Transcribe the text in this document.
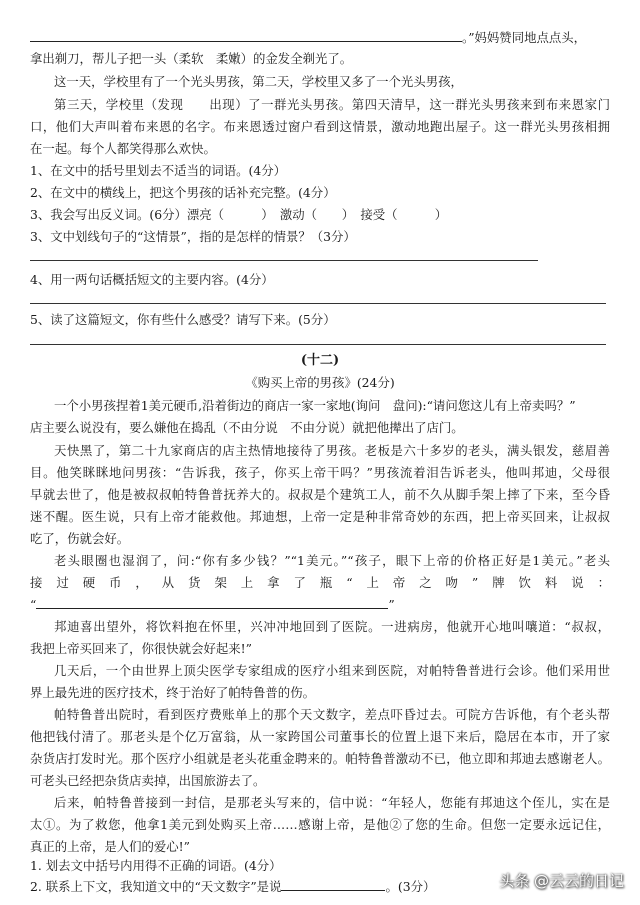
。”妈妈赞同地点点头，
拿出剃刀，帮儿子把一头（柔软　柔嫩）的金发全剃光了。
这一天，学校里有了一个光头男孩，第二天，学校里又多了一个光头男孩，
第三天，学校里（发现　　出现）了一群光头男孩。第四天清早，这一群光头男孩来到布来恩家门
口，他们大声叫着布来恩的名字。布来恩透过窗户看到这情景，激动地跑出屋子。这一群光头男孩相拥
在一起。每个人都笑得那么欢快。
1、在文中的括号里划去不适当的词语。(4分）
2、在文中的横线上，把这个男孩的话补充完整。(4分）
3、我会写出反义词。(6分）漂亮（　　　）　激动（　　）　接受（　　　）
3、文中划线句子的“这情景”，指的是怎样的情景？（3分）
4、用一两句话概括短文的主要内容。(4分）
5、读了这篇短文，你有些什么感受？请写下来。(5分）
(十二)
《购买上帝的男孩》(24分)
一个小男孩捏着1美元硬币,沿着街边的商店一家一家地(询问　盘问):“请问您这儿有上帝卖吗？”
店主要么说没有，要么嫌他在捣乱（不由分说　不由分说）就把他撵出了店门。
天快黑了，第二十九家商店的店主热情地接待了男孩。老板是六十多岁的老头，满头银发，慈眉善
目。他笑眯眯地问男孩：“告诉我，孩子，你买上帝干吗？”男孩流着泪告诉老头，他叫邦迪，父母很
早就去世了，他是被叔叔帕特鲁普抚养大的。叔叔是个建筑工人，前不久从脚手架上摔了下来，至今昏
迷不醒。医生说，只有上帝才能救他。邦迪想，上帝一定是种非常奇妙的东西，把上帝买回来，让叔叔
吃了，伤就会好。
老头眼圈也湿润了，问:“你有多少钱？”“1美元。”“孩子，眼下上帝的价格正好是1美元。”老头
接过硬币，从货架上拿了瓶“上帝之吻”牌饮料说：
“	”
邦迪喜出望外，将饮料抱在怀里，兴冲冲地回到了医院。一进病房，他就开心地叫嚷道：“叔叔，
我把上帝买回来了，你很快就会好起来!”
几天后，一个由世界上顶尖医学专家组成的医疗小组来到医院，对帕特鲁普进行会诊。他们采用世
界上最先进的医疗技术，终于治好了帕特鲁普的伤。
帕特鲁普出院时，看到医疗费账单上的那个天文数字，差点吓昏过去。可院方告诉他，有个老头帮
他把钱付清了。那老头是个亿万富翁，从一家跨国公司董事长的位置上退下来后，隐居在本市，开了家
杂货店打发时光。那个医疗小组就是老头花重金聘来的。帕特鲁普激动不已，他立即和邦迪去感谢老人。
可老头已经把杂货店卖掉，出国旅游去了。
后来，帕特鲁普接到一封信，是那老头写来的，信中说：“年轻人，您能有邦迪这个侄儿，实在是
太①。为了救您，他拿1美元到处购买上帝……感谢上帝，是他②了您的生命。但您一定要永远记住，
真正的上帝，是人们的爱心!”
1. 划去文中括号内用得不正确的词语。(4分）
2. 联系上下文，我知道文中的“天文数字”是说	。(3分）	头条 @云云的日记
